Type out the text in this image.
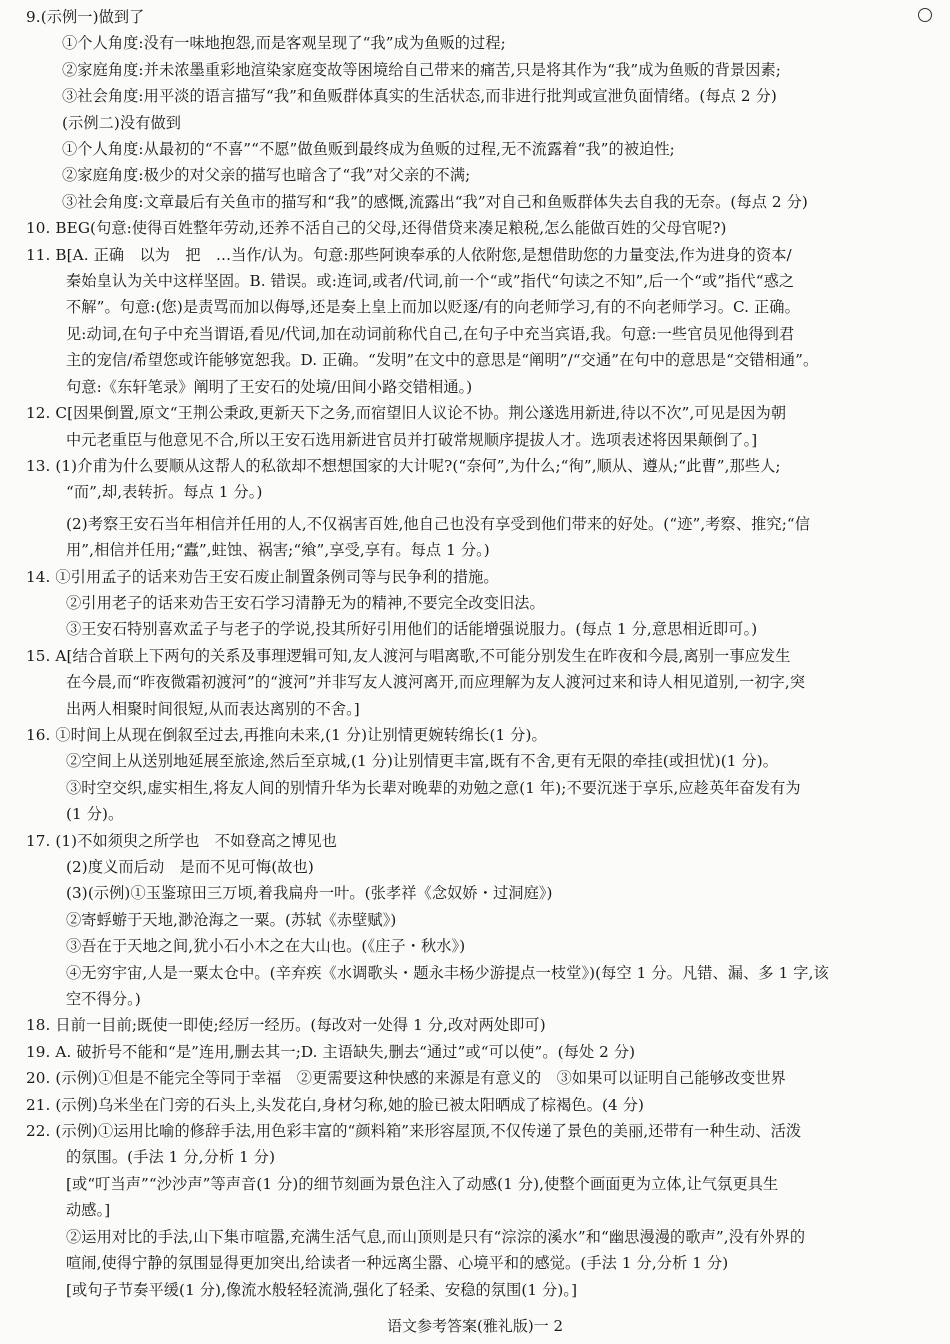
9.(示例一)做到了
①个人角度:没有一味地抱怨,而是客观呈现了“我”成为鱼贩的过程;
②家庭角度:并未浓墨重彩地渲染家庭变故等困境给自己带来的痛苦,只是将其作为“我”成为鱼贩的背景因素;
③社会角度:用平淡的语言描写“我”和鱼贩群体真实的生活状态,而非进行批判或宣泄负面情绪。(每点 2 分)
(示例二)没有做到
①个人角度:从最初的“不喜”“不愿”做鱼贩到最终成为鱼贩的过程,无不流露着“我”的被迫性;
②家庭角度:极少的对父亲的描写也暗含了“我”对父亲的不满;
③社会角度:文章最后有关鱼市的描写和“我”的感慨,流露出“我”对自己和鱼贩群体失去自我的无奈。(每点 2 分)
10. BEG(句意:使得百姓整年劳动,还养不活自己的父母,还得借贷来凑足粮税,怎么能做百姓的父母官呢?)
11. B[A. 正确　以为　把　…当作/认为。句意:那些阿谀奉承的人依附您,是想借助您的力量变法,作为进身的资本/
秦始皇认为关中这样坚固。B. 错误。或:连词,或者/代词,前一个“或”指代“句读之不知”,后一个“或”指代“惑之
不解”。句意:(您)是责骂而加以侮辱,还是奏上皇上而加以贬逐/有的向老师学习,有的不向老师学习。C. 正确。
见:动词,在句子中充当谓语,看见/代词,加在动词前称代自己,在句子中充当宾语,我。句意:一些官员见他得到君
主的宠信/希望您或许能够宽恕我。D. 正确。“发明”在文中的意思是“阐明”/“交通”在句中的意思是“交错相通”。
句意:《东轩笔录》阐明了王安石的处境/田间小路交错相通。)
12. C[因果倒置,原文“王荆公秉政,更新天下之务,而宿望旧人议论不协。荆公遂选用新进,待以不次”,可见是因为朝
中元老重臣与他意见不合,所以王安石选用新进官员并打破常规顺序提拔人才。选项表述将因果颠倒了。]
13. (1)介甫为什么要顺从这帮人的私欲却不想想国家的大计呢?(“奈何”,为什么;“徇”,顺从、遵从;“此曹”,那些人;
“而”,却,表转折。每点 1 分。)
(2)考察王安石当年相信并任用的人,不仅祸害百姓,他自己也没有享受到他们带来的好处。(“迹”,考察、推究;“信
用”,相信并任用;“蠹”,蛀蚀、祸害;“飨”,享受,享有。每点 1 分。)
14. ①引用孟子的话来劝告王安石废止制置条例司等与民争利的措施。
②引用老子的话来劝告王安石学习清静无为的精神,不要完全改变旧法。
③王安石特别喜欢孟子与老子的学说,投其所好引用他们的话能增强说服力。(每点 1 分,意思相近即可。)
15. A[结合首联上下两句的关系及事理逻辑可知,友人渡河与唱离歌,不可能分别发生在昨夜和今晨,离别一事应发生
在今晨,而“昨夜微霜初渡河”的“渡河”并非写友人渡河离开,而应理解为友人渡河过来和诗人相见道别,一初字,突
出两人相聚时间很短,从而表达离别的不舍。]
16. ①时间上从现在倒叙至过去,再推向未来,(1 分)让别情更婉转绵长(1 分)。
②空间上从送别地延展至旅途,然后至京城,(1 分)让别情更丰富,既有不舍,更有无限的牵挂(或担忧)(1 分)。
③时空交织,虚实相生,将友人间的别情升华为长辈对晚辈的劝勉之意(1 年);不要沉迷于享乐,应趁英年奋发有为
(1 分)。
17. (1)不如须臾之所学也　不如登高之博见也
(2)度义而后动　是而不见可悔(故也)
(3)(示例)①玉鉴琼田三万顷,着我扁舟一叶。(张孝祥《念奴娇・过洞庭》)
②寄蜉蝣于天地,渺沧海之一粟。(苏轼《赤壁赋》)
③吾在于天地之间,犹小石小木之在大山也。(《庄子・秋水》)
④无穷宇宙,人是一粟太仓中。(辛弃疾《水调歌头・题永丰杨少游提点一枝堂》)(每空 1 分。凡错、漏、多 1 字,该
空不得分。)
18. 日前一目前;既使一即使;经厉一经历。(每改对一处得 1 分,改对两处即可)
19. A. 破折号不能和“是”连用,删去其一;D. 主语缺失,删去“通过”或“可以使”。(每处 2 分)
20. (示例)①但是不能完全等同于幸福　②更需要这种快感的来源是有意义的　③如果可以证明自己能够改变世界
21. (示例)乌米坐在门旁的石头上,头发花白,身材匀称,她的脸已被太阳晒成了棕褐色。(4 分)
22. (示例)①运用比喻的修辞手法,用色彩丰富的“颜料箱”来形容屋顶,不仅传递了景色的美丽,还带有一种生动、活泼
的氛围。(手法 1 分,分析 1 分)
[或“叮当声”“沙沙声”等声音(1 分)的细节刻画为景色注入了动感(1 分),使整个画面更为立体,让气氛更具生
动感。]
②运用对比的手法,山下集市喧嚣,充满生活气息,而山顶则是只有“淙淙的溪水”和“幽思漫漫的歌声”,没有外界的
喧闹,使得宁静的氛围显得更加突出,给读者一种远离尘嚣、心境平和的感觉。(手法 1 分,分析 1 分)
[或句子节奏平缓(1 分),像流水般轻轻流淌,强化了轻柔、安稳的氛围(1 分)。]
语文参考答案(雅礼版)一 2
